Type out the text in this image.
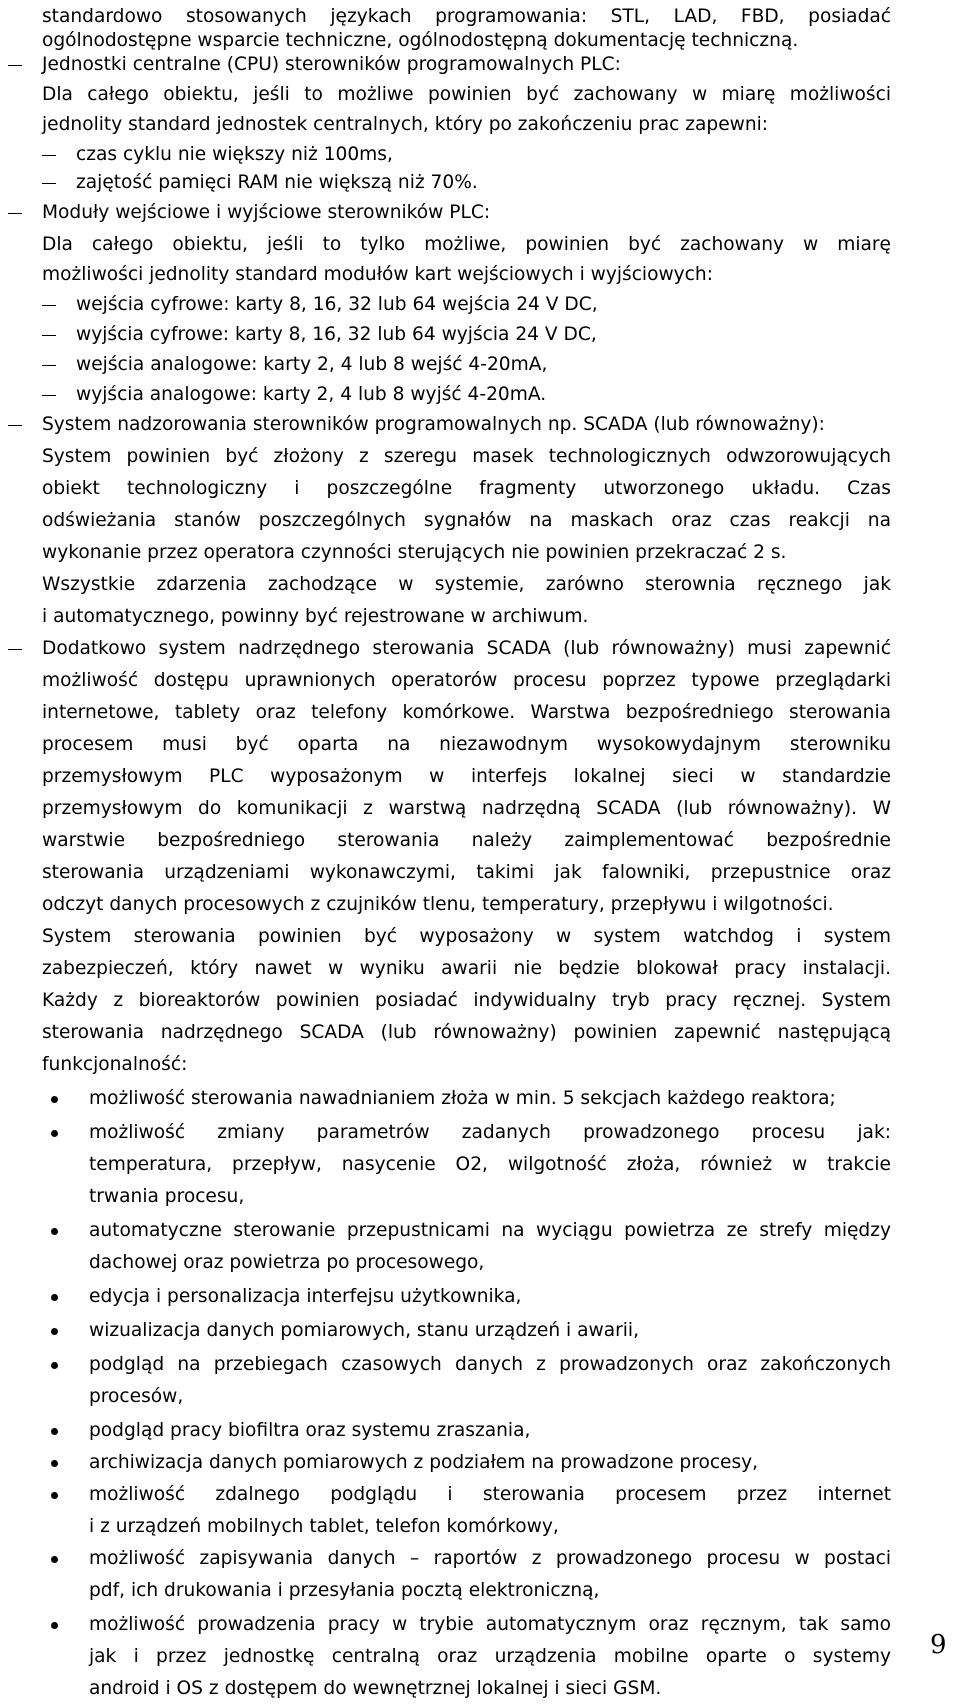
standardowo stosowanych językach programowania: STL, LAD, FBD, posiadać
ogólnodostępne wsparcie techniczne, ogólnodostępną dokumentację techniczną.
Jednostki centralne (CPU) sterowników programowalnych PLC:
Dla całego obiektu, jeśli to możliwe powinien być zachowany w miarę możliwości
jednolity standard jednostek centralnych, który po zakończeniu prac zapewni:
czas cyklu nie większy niż 100ms,
zajętość pamięci RAM nie większą niż 70%.
Moduły wejściowe i wyjściowe sterowników PLC:
Dla całego obiektu, jeśli to tylko możliwe, powinien być zachowany w miarę
możliwości jednolity standard modułów kart wejściowych i wyjściowych:
wejścia cyfrowe: karty 8, 16, 32 lub 64 wejścia 24 V DC,
wyjścia cyfrowe: karty 8, 16, 32 lub 64 wyjścia 24 V DC,
wejścia analogowe: karty 2, 4 lub 8 wejść 4-20mA,
wyjścia analogowe: karty 2, 4 lub 8 wyjść 4-20mA.
System nadzorowania sterowników programowalnych np. SCADA (lub równoważny):
System powinien być złożony z szeregu masek technologicznych odwzorowujących
obiekt technologiczny i poszczególne fragmenty utworzonego układu. Czas
odświeżania stanów poszczególnych sygnałów na maskach oraz czas reakcji na
wykonanie przez operatora czynności sterujących nie powinien przekraczać 2 s.
Wszystkie zdarzenia zachodzące w systemie, zarówno sterownia ręcznego jak
i automatycznego, powinny być rejestrowane w archiwum.
Dodatkowo system nadrzędnego sterowania SCADA (lub równoważny) musi zapewnić
możliwość dostępu uprawnionych operatorów procesu poprzez typowe przeglądarki
internetowe, tablety oraz telefony komórkowe. Warstwa bezpośredniego sterowania
procesem musi być oparta na niezawodnym wysokowydajnym sterowniku
przemysłowym PLC wyposażonym w interfejs lokalnej sieci w standardzie
przemysłowym do komunikacji z warstwą nadrzędną SCADA (lub równoważny). W
warstwie bezpośredniego sterowania należy zaimplementować bezpośrednie
sterowania urządzeniami wykonawczymi, takimi jak falowniki, przepustnice oraz
odczyt danych procesowych z czujników tlenu, temperatury, przepływu i wilgotności.
System sterowania powinien być wyposażony w system watchdog i system
zabezpieczeń, który nawet w wyniku awarii nie będzie blokował pracy instalacji.
Każdy z bioreaktorów powinien posiadać indywidualny tryb pracy ręcznej. System
sterowania nadrzędnego SCADA (lub równoważny) powinien zapewnić następującą
funkcjonalność:
możliwość sterowania nawadnianiem złoża w min. 5 sekcjach każdego reaktora;
możliwość zmiany parametrów zadanych prowadzonego procesu jak:
temperatura, przepływ, nasycenie O2, wilgotność złoża, również w trakcie
trwania procesu,
automatyczne sterowanie przepustnicami na wyciągu powietrza ze strefy między
dachowej oraz powietrza po procesowego,
edycja i personalizacja interfejsu użytkownika,
wizualizacja danych pomiarowych, stanu urządzeń i awarii,
podgląd na przebiegach czasowych danych z prowadzonych oraz zakończonych
procesów,
podgląd pracy biofiltra oraz systemu zraszania,
archiwizacja danych pomiarowych z podziałem na prowadzone procesy,
możliwość zdalnego podglądu i sterowania procesem przez internet
i z urządzeń mobilnych tablet, telefon komórkowy,
możliwość zapisywania danych – raportów z prowadzonego procesu w postaci
pdf, ich drukowania i przesyłania pocztą elektroniczną,
możliwość prowadzenia pracy w trybie automatycznym oraz ręcznym, tak samo
jak i przez jednostkę centralną oraz urządzenia mobilne oparte o systemy
android i OS z dostępem do wewnętrznej lokalnej i sieci GSM.
9
